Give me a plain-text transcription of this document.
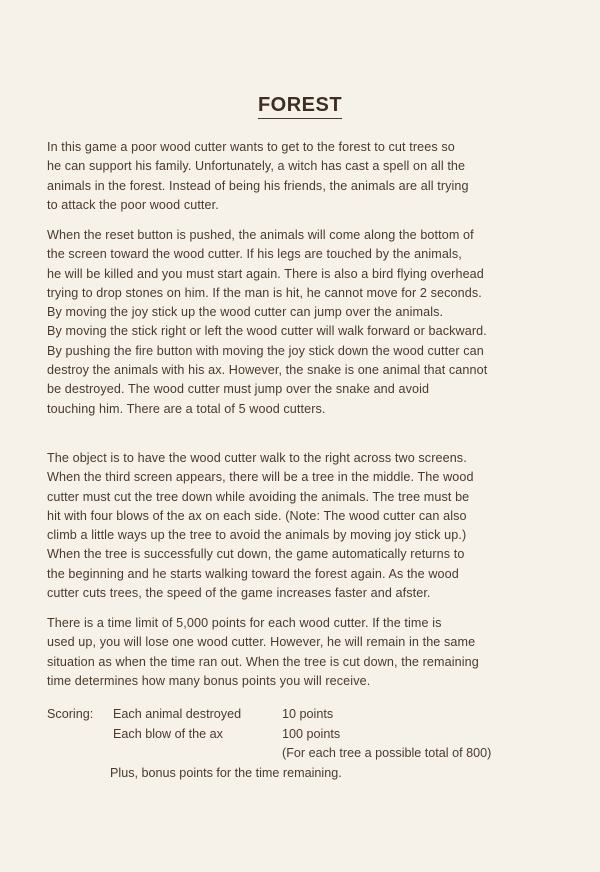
FOREST
In this game a poor wood cutter wants to get to the forest to cut trees so
he can support his family. Unfortunately, a witch has cast a spell on all the
animals in the forest. Instead of being his friends, the animals are all trying
to attack the poor wood cutter.
When the reset button is pushed, the animals will come along the bottom of
the screen toward the wood cutter. If his legs are touched by the animals,
he will be killed and you must start again. There is also a bird flying overhead
trying to drop stones on him. If the man is hit, he cannot move for 2 seconds.
By moving the joy stick up the wood cutter can jump over the animals.
By moving the stick right or left the wood cutter will walk forward or backward.
By pushing the fire button with moving the joy stick down the wood cutter can
destroy the animals with his ax. However, the snake is one animal that cannot
be destroyed. The wood cutter must jump over the snake and avoid
touching him. There are a total of 5 wood cutters.
The object is to have the wood cutter walk to the right across two screens.
When the third screen appears, there will be a tree in the middle. The wood
cutter must cut the tree down while avoiding the animals. The tree must be
hit with four blows of the ax on each side. (Note: The wood cutter can also
climb a little ways up the tree to avoid the animals by moving joy stick up.)
When the tree is successfully cut down, the game automatically returns to
the beginning and he starts walking toward the forest again. As the wood
cutter cuts trees, the speed of the game increases faster and afster.
There is a time limit of 5,000 points for each wood cutter. If the time is
used up, you will lose one wood cutter. However, he will remain in the same
situation as when the time ran out. When the tree is cut down, the remaining
time determines how many bonus points you will receive.
Scoring: Each animal destroyed	10 points
Each blow of the ax	100 points
(For each tree a possible total of 800)
Plus, bonus points for the time remaining.
